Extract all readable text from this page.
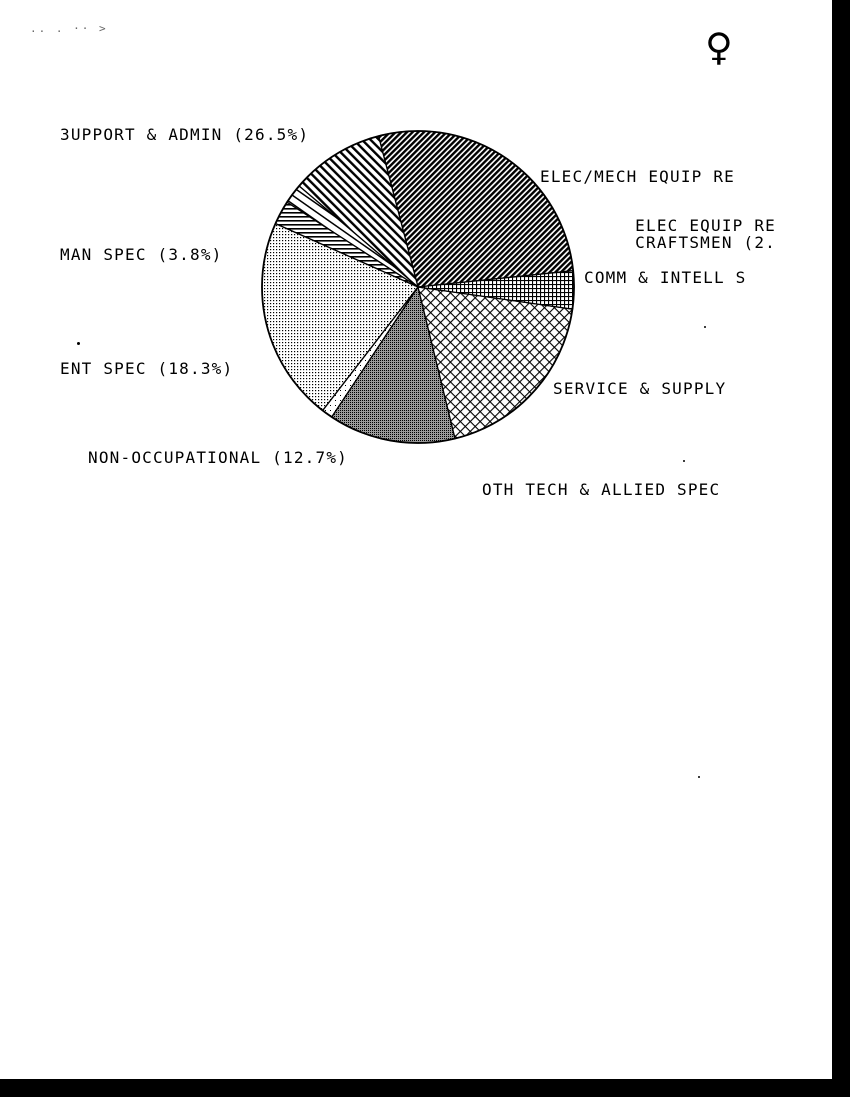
.. . ·· >	♀
ЗUPPORT & ADMIN (26.5%)
ELEC/MECH EQUIP RE
ELEC EQUIP RE
CRAFTSMEN (2.
COMM & INTELL S
SERVICE & SUPPLY
OTH TECH & ALLIED SPEC
NON-OCCUPATIONAL (12.7%)
ENT SPEC (18.3%)
MAN SPEC (3.8%)
